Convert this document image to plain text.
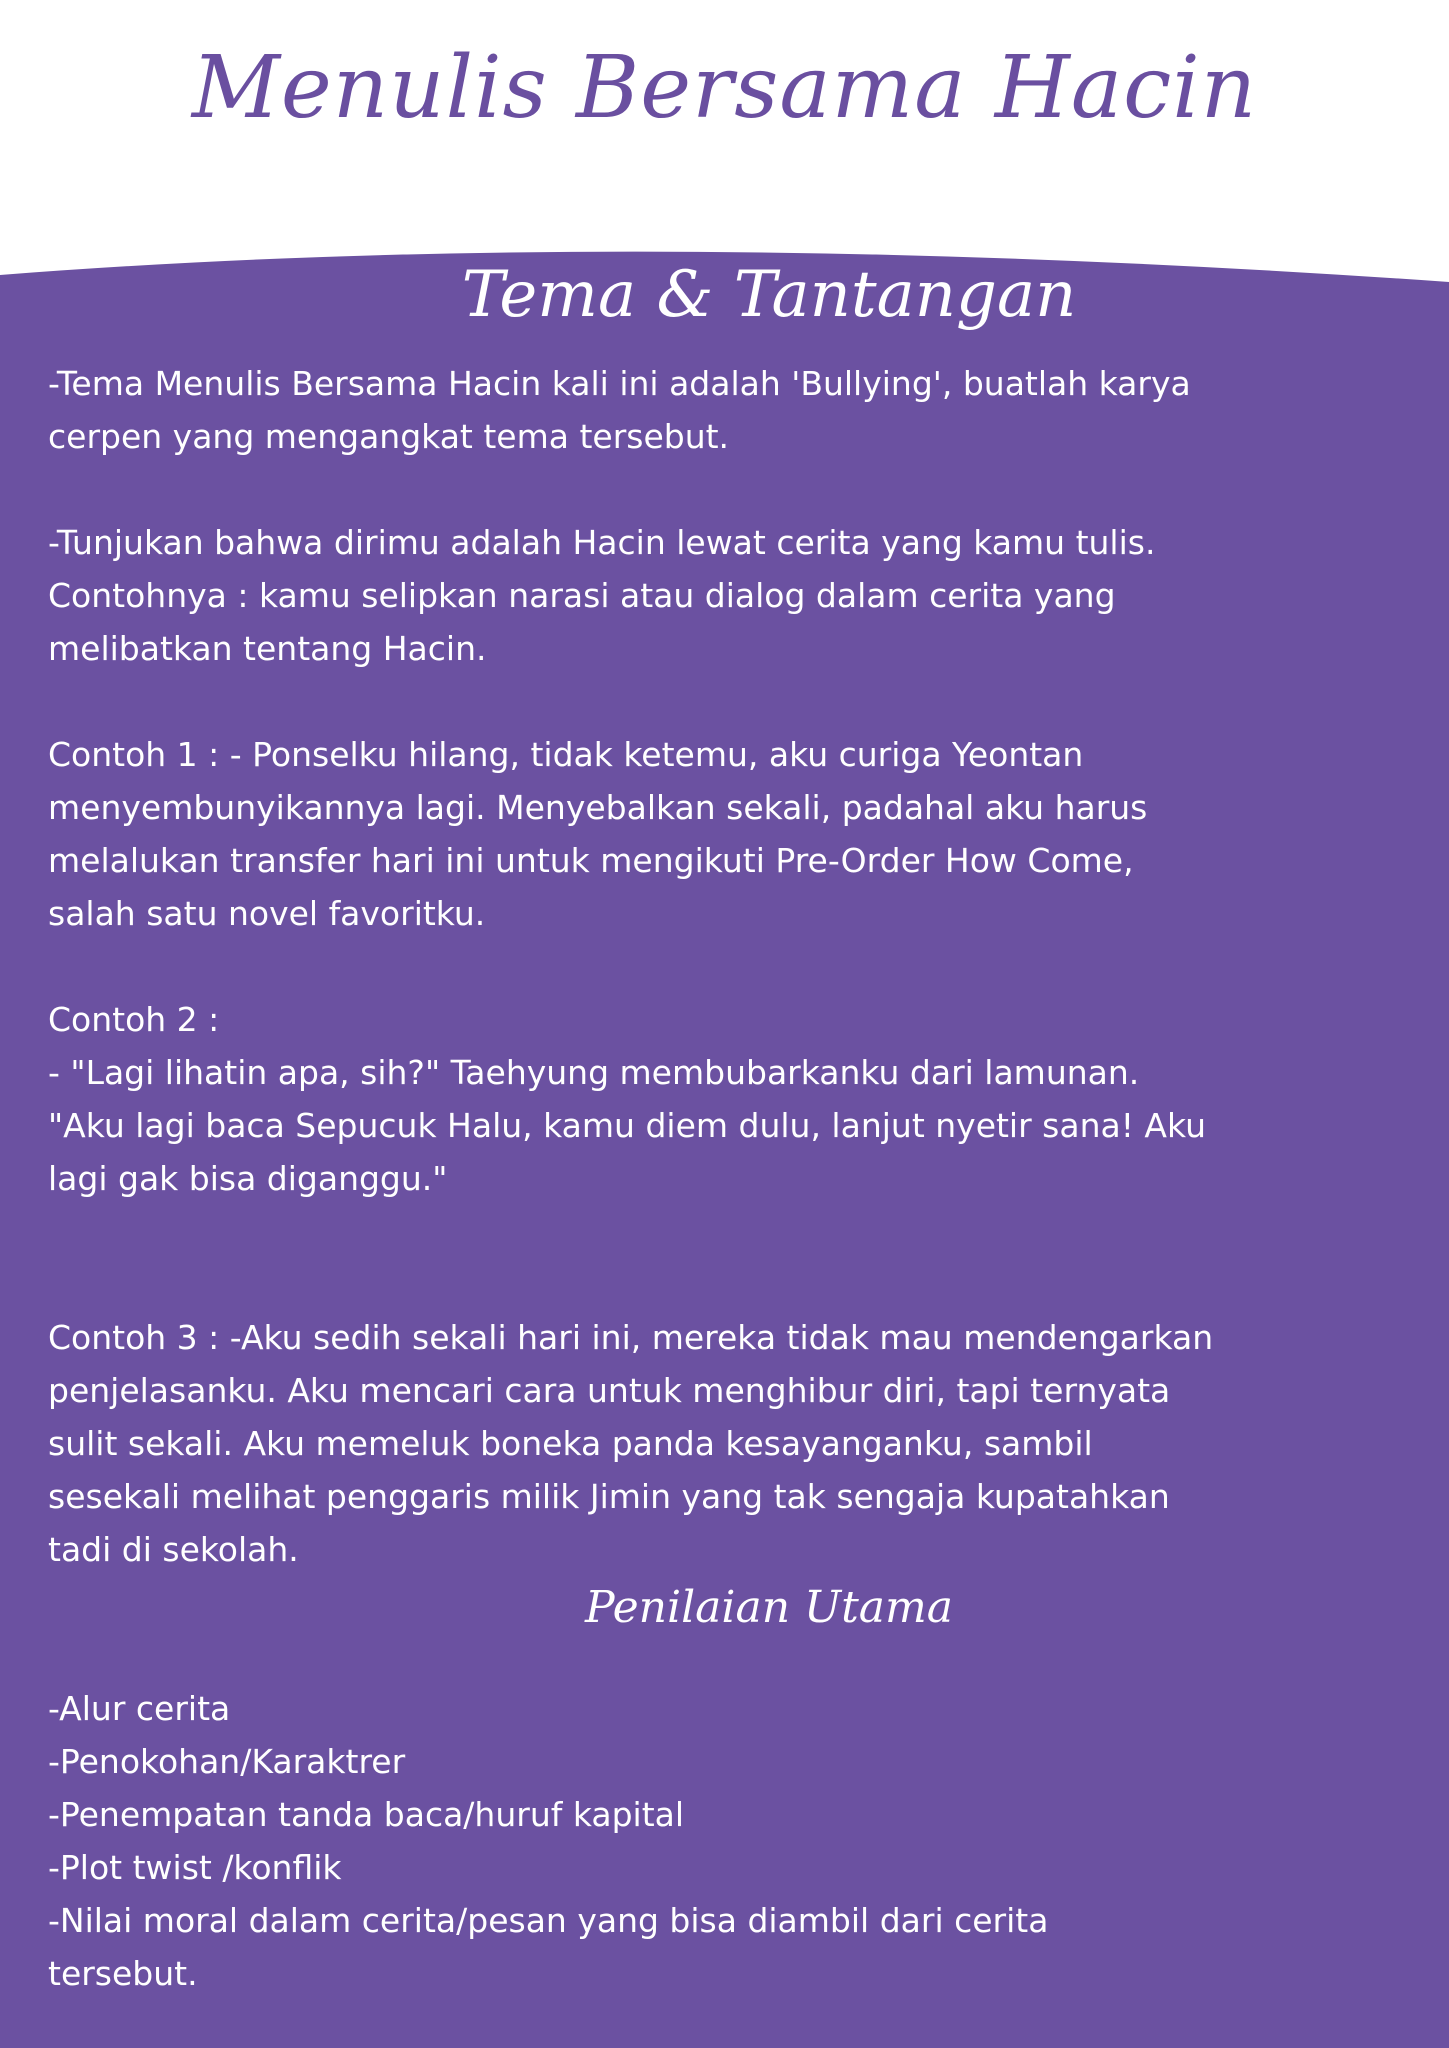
Menulis Bersama Hacin
Tema & Tantangan
-Tema Menulis Bersama Hacin kali ini adalah 'Bullying', buatlah karya
cerpen yang mengangkat tema tersebut.
-Tunjukan bahwa dirimu adalah Hacin lewat cerita yang kamu tulis.
Contohnya : kamu selipkan narasi atau dialog dalam cerita yang
melibatkan tentang Hacin.
Contoh 1 : - Ponselku hilang, tidak ketemu, aku curiga Yeontan
menyembunyikannya lagi. Menyebalkan sekali, padahal aku harus
melalukan transfer hari ini untuk mengikuti Pre-Order How Come,
salah satu novel favoritku.
Contoh 2 :
- "Lagi lihatin apa, sih?" Taehyung membubarkanku dari lamunan.
"Aku lagi baca Sepucuk Halu, kamu diem dulu, lanjut nyetir sana! Aku
lagi gak bisa diganggu."
Contoh 3 : -Aku sedih sekali hari ini, mereka tidak mau mendengarkan
penjelasanku. Aku mencari cara untuk menghibur diri, tapi ternyata
sulit sekali. Aku memeluk boneka panda kesayanganku, sambil
sesekali melihat penggaris milik Jimin yang tak sengaja kupatahkan
tadi di sekolah.
Penilaian Utama
-Alur cerita
-Penokohan/Karaktrer
-Penempatan tanda baca/huruf kapital
-Plot twist /konflik
-Nilai moral dalam cerita/pesan yang bisa diambil dari cerita
tersebut.
